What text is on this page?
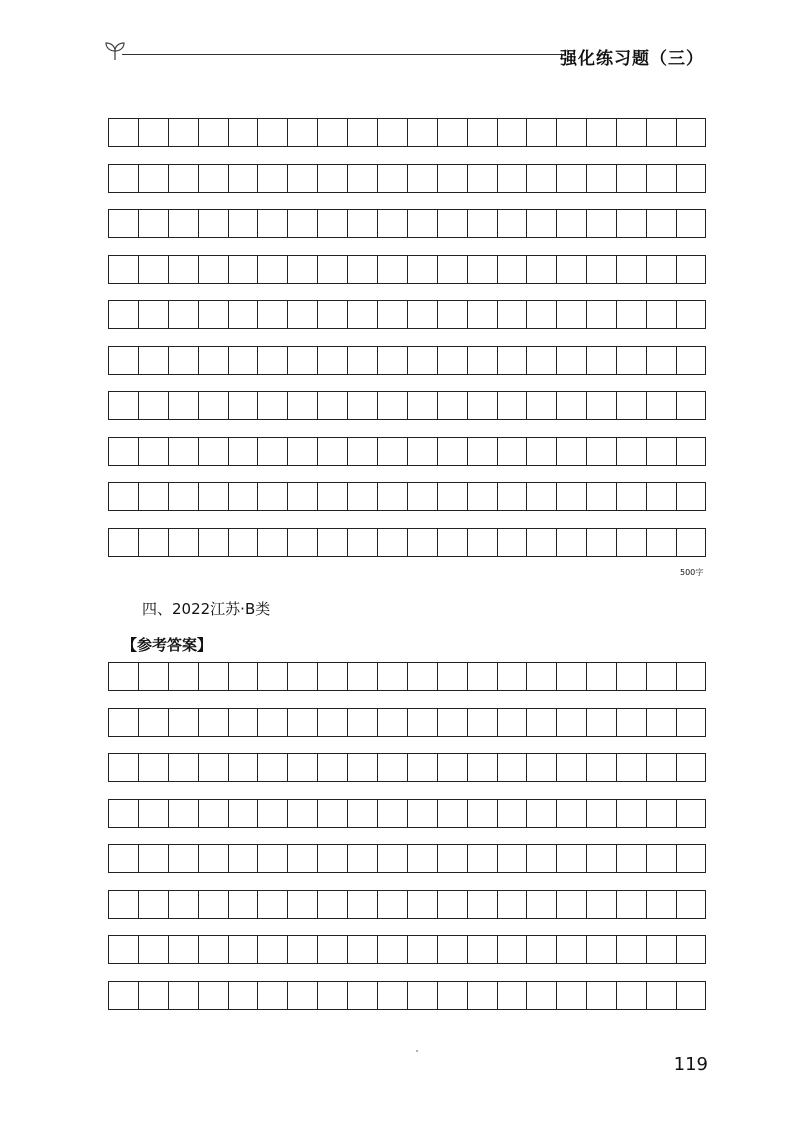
强化练习题（三）
500字
四、2022江苏·B类
【参考答案】
119
